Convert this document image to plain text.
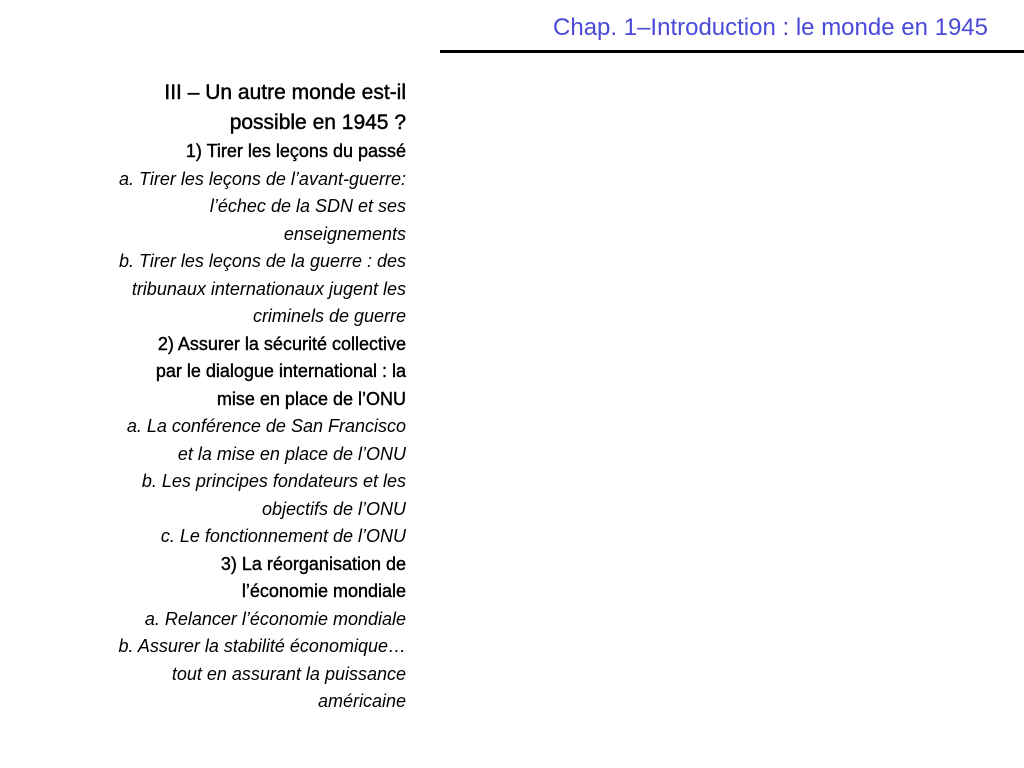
Chap. 1–Introduction : le monde en 1945
III – Un autre monde est-il
possible en 1945 ?
1) Tirer les leçons du passé
a. Tirer les leçons de l’avant-guerre:
l’échec de la SDN et ses
enseignements
b. Tirer les leçons de la guerre : des
tribunaux internationaux jugent les
criminels de guerre
2) Assurer la sécurité collective
par le dialogue international : la
mise en place de l’ONU
a. La conférence de San Francisco
et la mise en place de l’ONU
b. Les principes fondateurs et les
objectifs de l’ONU
c. Le fonctionnement de l’ONU
3) La réorganisation de
l’économie mondiale
a. Relancer l’économie mondiale
b. Assurer la stabilité économique…
tout en assurant la puissance
américaine
